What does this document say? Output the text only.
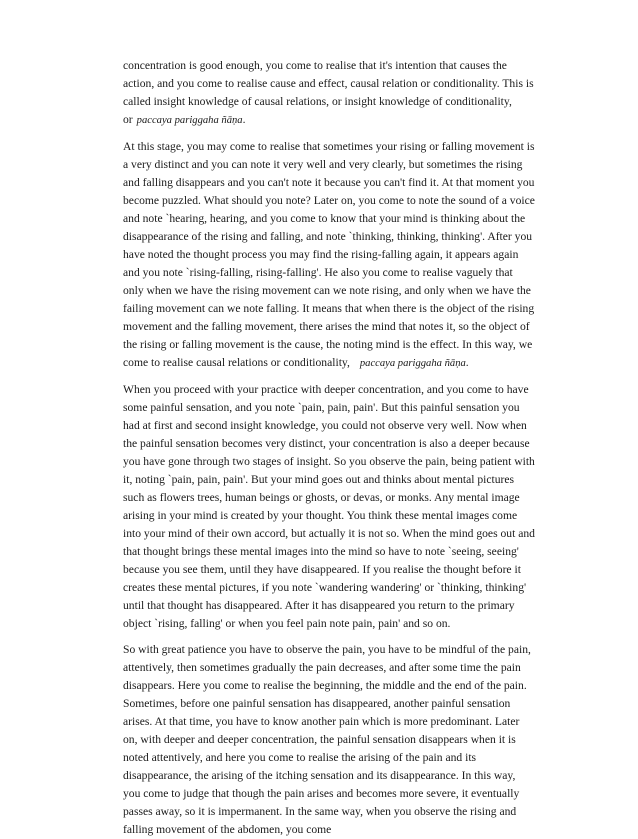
concentration is good enough, you come to realise that it's intention that causes the action, and you come to realise cause and effect, causal relation or conditionality. This is called insight knowledge of causal relations, or insight knowledge of conditionality, or paccaya pariggaha ñāṇa.

At this stage, you may come to realise that sometimes your rising or falling movement is a very distinct and you can note it very well and very clearly, but sometimes the rising and falling disappears and you can't note it because you can't find it. At that moment you become puzzled. What should you note? Later on, you come to note the sound of a voice and note `hearing, hearing, and you come to know that your mind is thinking about the disappearance of the rising and falling, and note `thinking, thinking, thinking'. After you have noted the thought process you may find the rising-falling again, it appears again and you note `rising-falling, rising-falling'. He also you come to realise vaguely that only when we have the rising movement can we note rising, and only when we have the failing movement can we note falling. It means that when there is the object of the rising movement and the falling movement, there arises the mind that notes it, so the object of the rising or falling movement is the cause, the noting mind is the effect. In this way, we come to realise causal relations or conditionality, paccaya pariggaha ñāṇa.

When you proceed with your practice with deeper concentration, and you come to have some painful sensation, and you note `pain, pain, pain'. But this painful sensation you had at first and second insight knowledge, you could not observe very well. Now when the painful sensation becomes very distinct, your concentration is also a deeper because you have gone through two stages of insight. So you observe the pain, being patient with it, noting `pain, pain, pain'. But your mind goes out and thinks about mental pictures such as flowers trees, human beings or ghosts, or devas, or monks. Any mental image arising in your mind is created by your thought. You think these mental images come into your mind of their own accord, but actually it is not so. When the mind goes out and that thought brings these mental images into the mind so have to note `seeing, seeing' because you see them, until they have disappeared. If you realise the thought before it creates these mental pictures, if you note `wandering wandering' or `thinking, thinking' until that thought has disappeared. After it has disappeared you return to the primary object `rising, falling' or when you feel pain note pain, pain' and so on.

So with great patience you have to observe the pain, you have to be mindful of the pain, attentively, then sometimes gradually the pain decreases, and after some time the pain disappears. Here you come to realise the beginning, the middle and the end of the pain. Sometimes, before one painful sensation has disappeared, another painful sensation arises. At that time, you have to know another pain which is more predominant. Later on, with deeper and deeper concentration, the painful sensation disappears when it is noted attentively, and here you come to realise the arising of the pain and its disappearance, the arising of the itching sensation and its disappearance. In this way, you come to judge that though the pain arises and becomes more severe, it eventually passes away, so it is impermanent. In the same way, when you observe the rising and falling movement of the abdomen, you come
